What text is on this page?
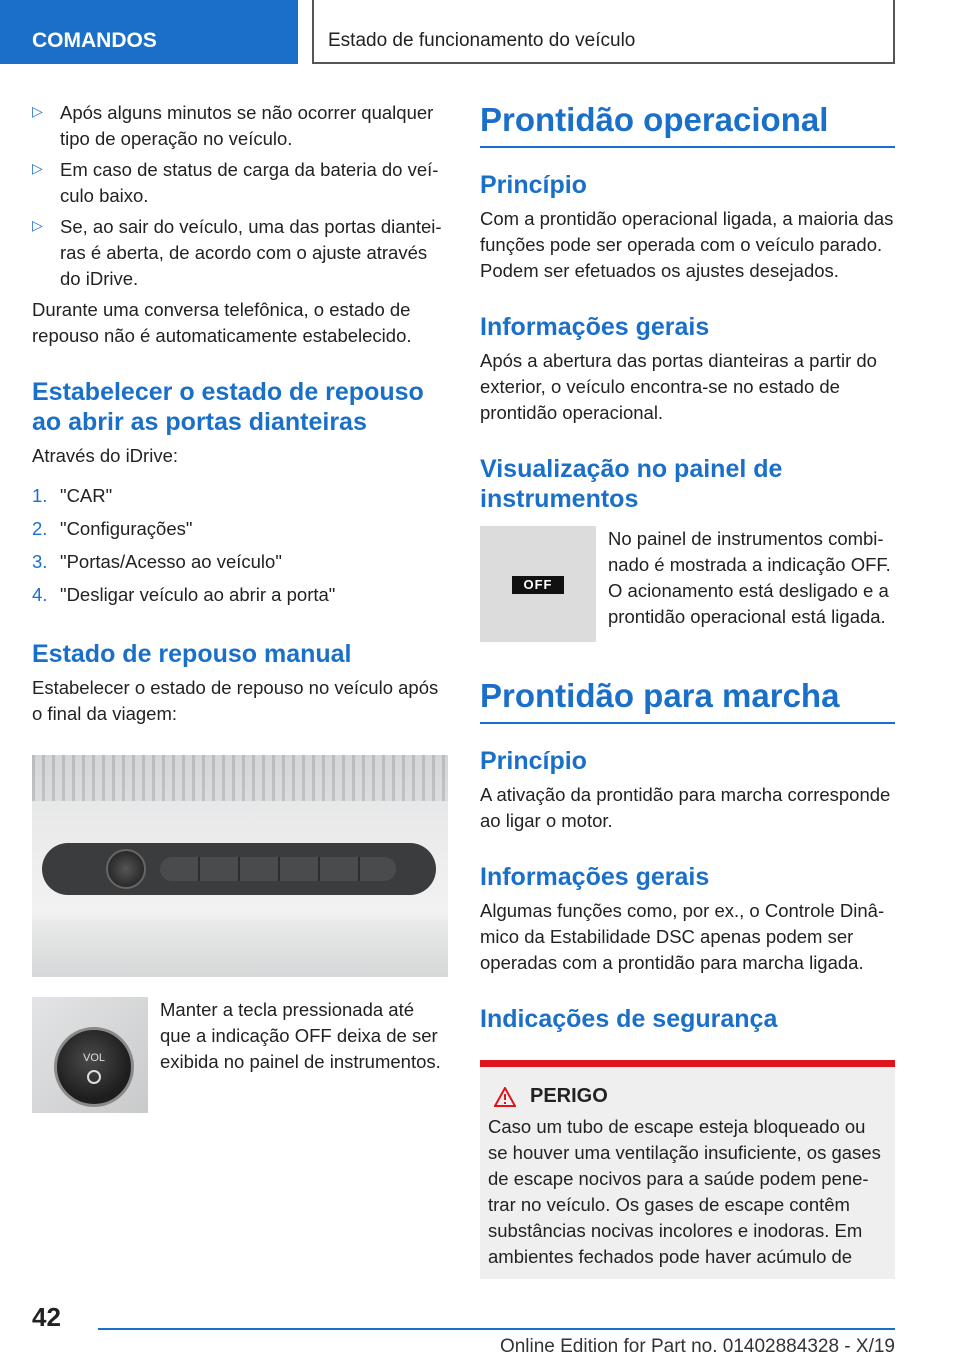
COMANDOS	Estado de funcionamento do veículo
▷ Após alguns minutos se não ocorrer qualquer tipo de operação no veículo.

▷ Em caso de status de carga da bateria do veículo baixo.

▷ Se, ao sair do veículo, uma das portas dianteiras é aberta, de acordo com o ajuste através do iDrive.

Durante uma conversa telefônica, o estado de repouso não é automaticamente estabelecido.

Estabelecer o estado de repouso ao abrir as portas dianteiras

Através do iDrive:

1. "CAR"
2. "Configurações"
3. "Portas/Acesso ao veículo"
4. "Desligar veículo ao abrir a porta"
Estado de repouso manual

Estabelecer o estado de repouso no veículo após o final da viagem:

VOL

Manter a tecla pressionada até que a indicação OFF deixa de ser exibida no painel de instrumentos.

Prontidão operacional
Princípio

Com a prontidão operacional ligada, a maioria das funções pode ser operada com o veículo parado. Podem ser efetuados os ajustes desejados.

Informações gerais

Após a abertura das portas dianteiras a partir do exterior, o veículo encontra-se no estado de prontidão operacional.

Visualização no painel de instrumentos
OFF

No painel de instrumentos combinado é mostrada a indicação OFF. O acionamento está desligado e a prontidão operacional está ligada.

Prontidão para marcha
Princípio

A ativação da prontidão para marcha corresponde ao ligar o motor.

Informações gerais

Algumas funções como, por ex., o Controle Dinâmico da Estabilidade DSC apenas podem ser operadas com a prontidão para marcha ligada.

Indicações de segurança
PERIGO

Caso um tubo de escape esteja bloqueado ou se houver uma ventilação insuficiente, os gases de escape nocivos para a saúde podem penetrar no veículo. Os gases de escape contêm substâncias nocivas incolores e inodoras. Em ambientes fechados pode haver acúmulo de

42
Online Edition for Part no. 01402884328 - X/19
